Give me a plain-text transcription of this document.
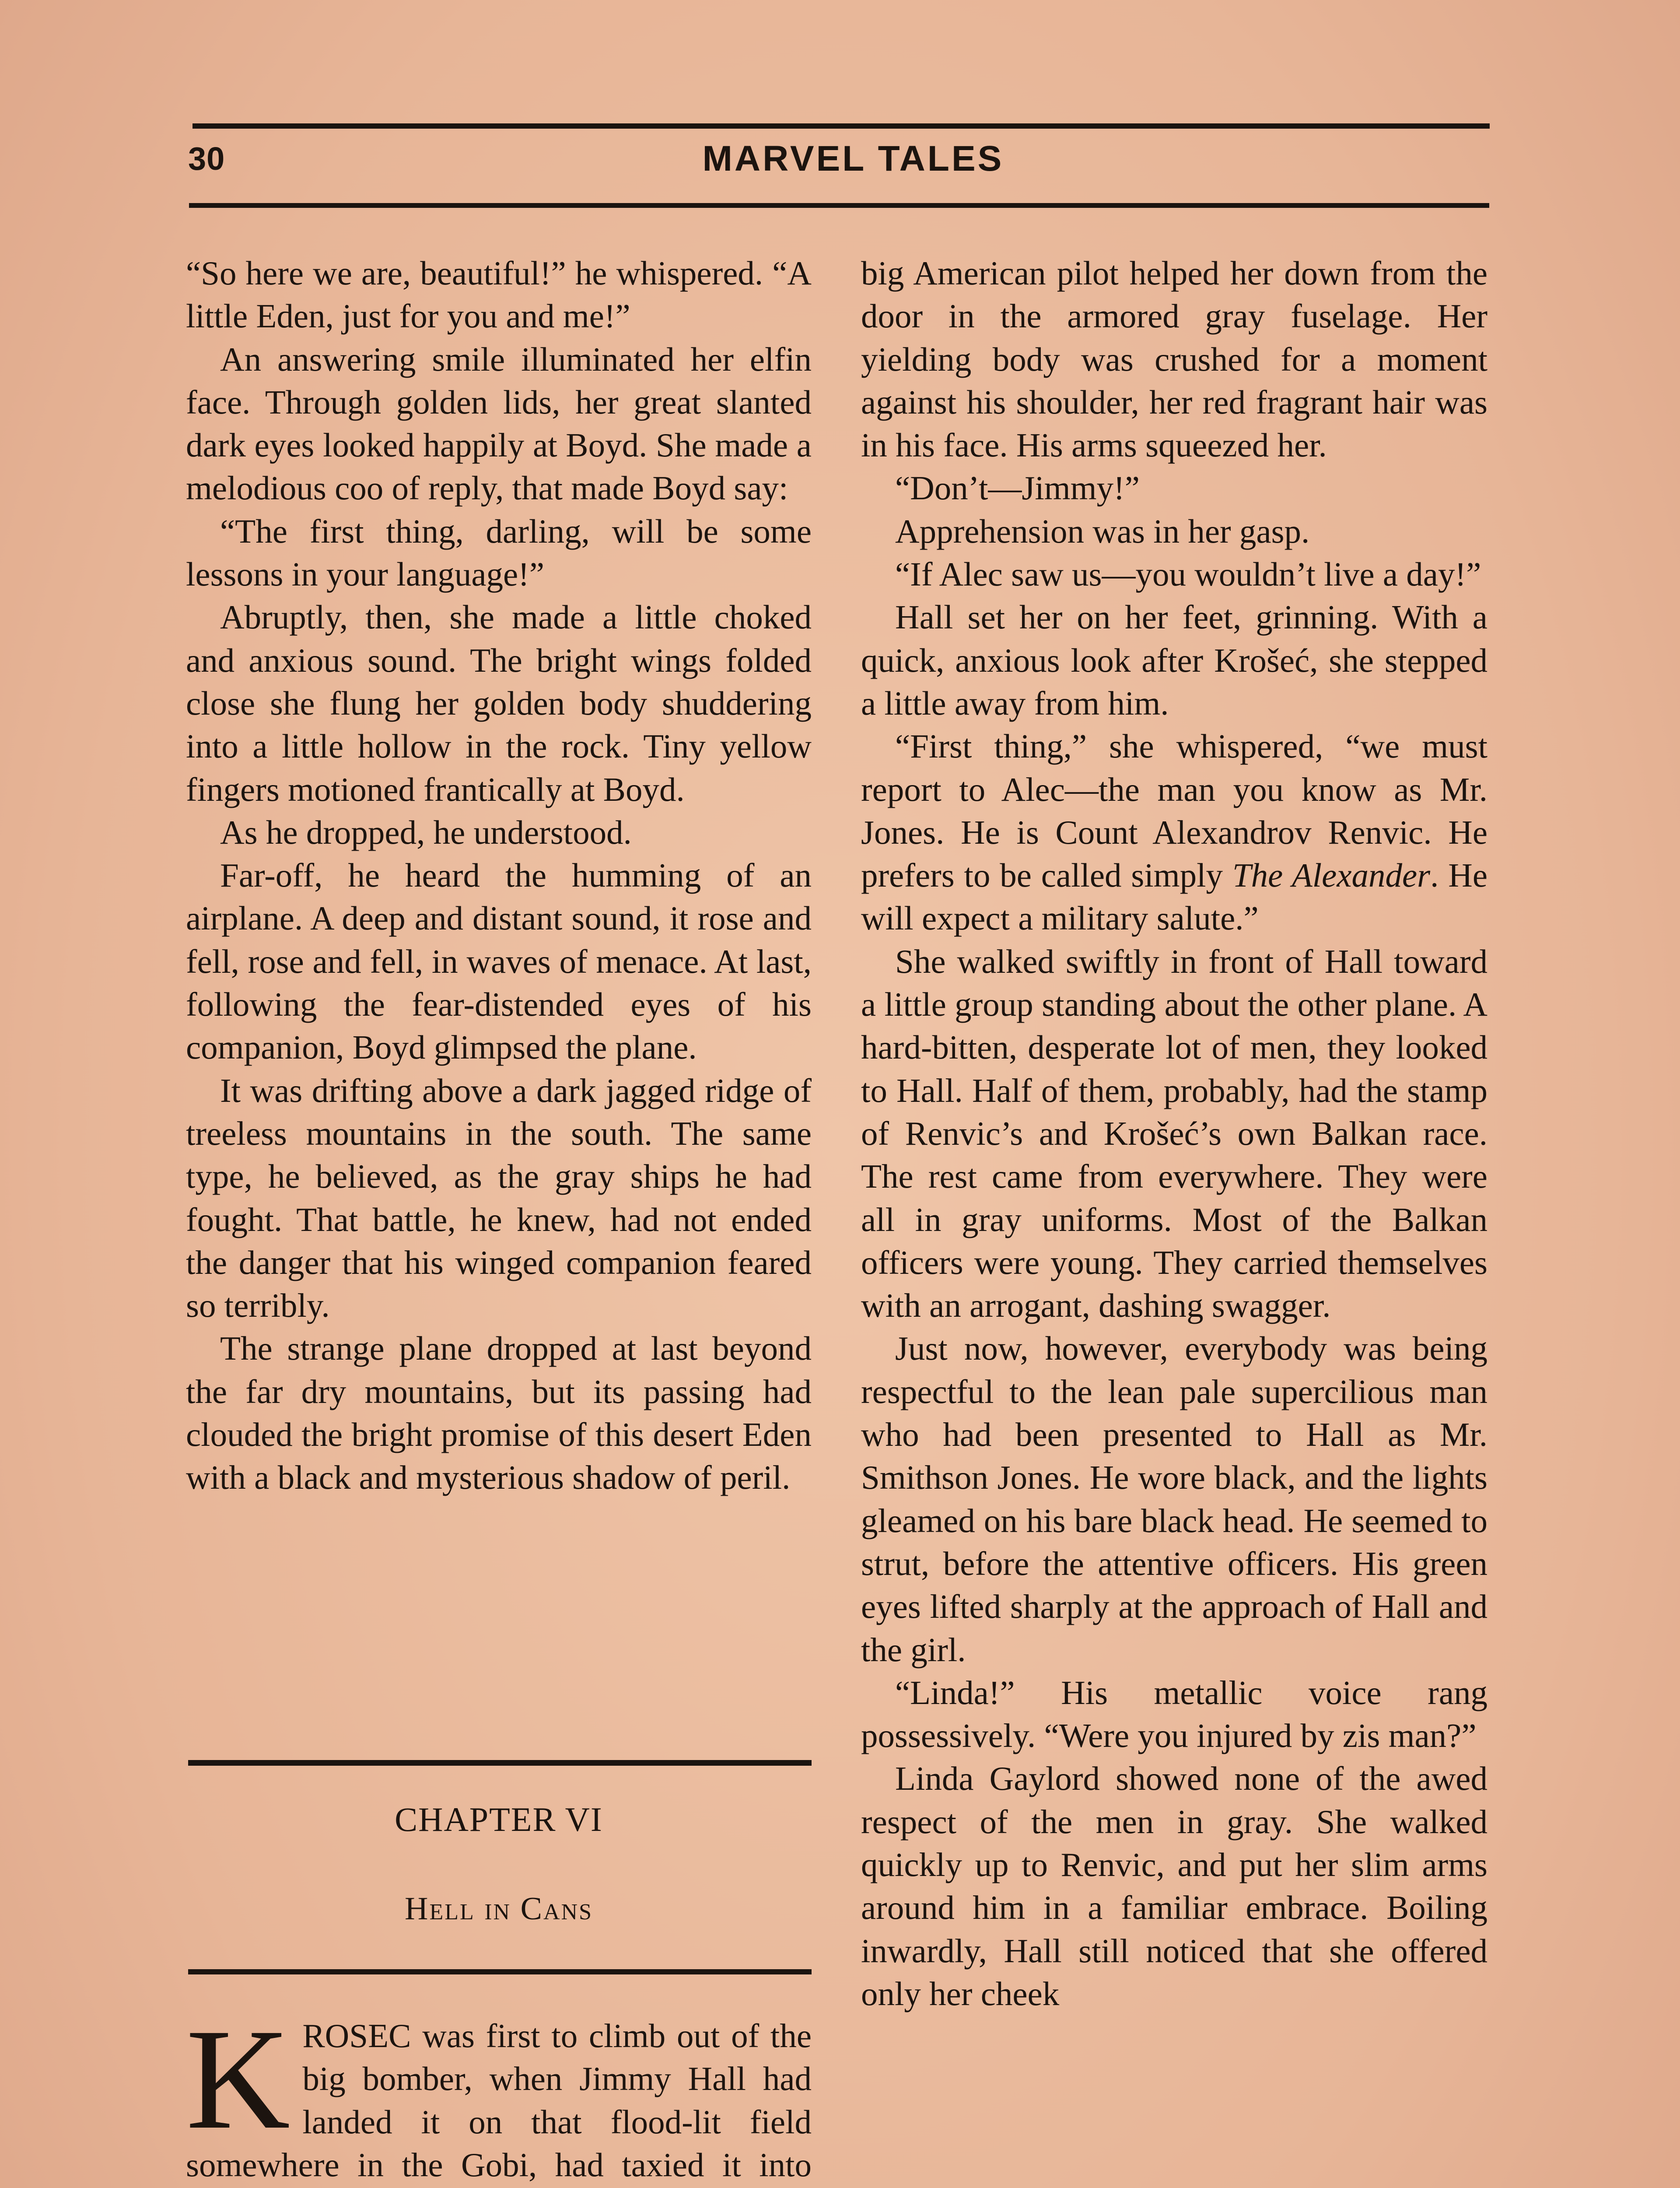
30	MARVEL TALES

“So here we are, beautiful!” he whispered. “A little Eden, just for you and me!”

An answering smile illuminated her elfin face. Through golden lids, her great slanted dark eyes looked happily at Boyd. She made a melodious coo of reply, that made Boyd say:

“The first thing, darling, will be some lessons in your language!”

Abruptly, then, she made a little choked and anxious sound. The bright wings folded close she flung her golden body shuddering into a little hollow in the rock. Tiny yellow fingers motioned frantically at Boyd.

As he dropped, he understood.

Far-off, he heard the humming of an airplane. A deep and distant sound, it rose and fell, rose and fell, in waves of menace. At last, following the fear-distended eyes of his companion, Boyd glimpsed the plane.

It was drifting above a dark jagged ridge of treeless mountains in the south. The same type, he believed, as the gray ships he had fought. That battle, he knew, had not ended the danger that his winged companion feared so terribly.

The strange plane dropped at last beyond the far dry mountains, but its passing had clouded the bright promise of this desert Eden with a black and mysterious shadow of peril.

CHAPTER VI
Hell in Cans

KROSEC was first to climb out of the big bomber, when Jimmy Hall had landed it on that flood-lit field somewhere in the Gobi, had taxied it into

big American pilot helped her down from the door in the armored gray fuselage. Her yielding body was crushed for a moment against his shoulder, her red fragrant hair was in his face. His arms squeezed her.

“Don’t—Jimmy!”

Apprehension was in her gasp.

“If Alec saw us—you wouldn’t live a day!”

Hall set her on her feet, grinning. With a quick, anxious look after Krošeć, she stepped a little away from him.

“First thing,” she whispered, “we must report to Alec—the man you know as Mr. Jones. He is Count Alexandrov Renvic. He prefers to be called simply The Alexander. He will expect a military salute.”

She walked swiftly in front of Hall toward a little group standing about the other plane. A hard-bitten, desperate lot of men, they looked to Hall. Half of them, probably, had the stamp of Renvic’s and Krošeć’s own Balkan race. The rest came from everywhere. They were all in gray uniforms. Most of the Balkan officers were young. They carried themselves with an arrogant, dashing swagger.

Just now, however, everybody was being respectful to the lean pale supercilious man who had been presented to Hall as Mr. Smithson Jones. He wore black, and the lights gleamed on his bare black head. He seemed to strut, before the attentive officers. His green eyes lifted sharply at the approach of Hall and the girl.

“Linda!” His metallic voice rang possessively. “Were you injured by zis man?”

Linda Gaylord showed none of the awed respect of the men in gray. She walked quickly up to Renvic, and put her slim arms around him in a familiar embrace. Boiling inwardly, Hall still noticed that she offered only her cheek
